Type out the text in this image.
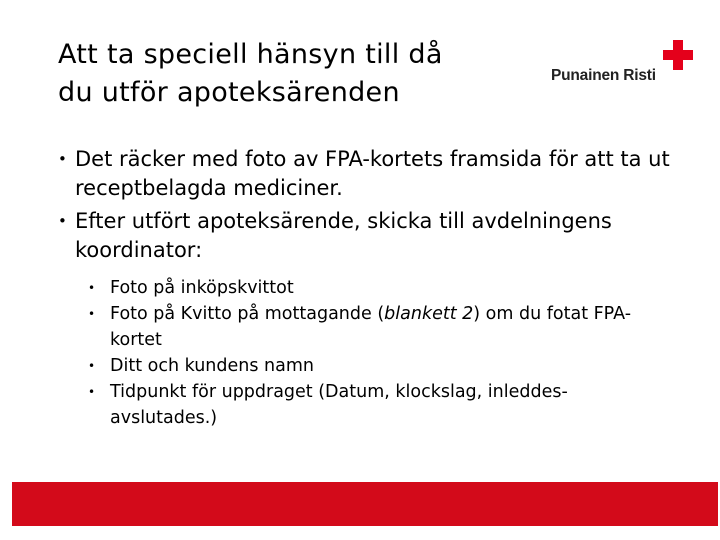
Att ta speciell hänsyn till då
du utför apoteksärenden
Punainen Risti
• Det räcker med foto av FPA-kortets framsida för att ta ut receptbelagda mediciner.
• Efter utfört apoteksärende, skicka till avdelningens koordinator:
• Foto på inköpskvittot
• Foto på Kvitto på mottagande (blankett 2) om du fotat FPA-kortet
• Ditt och kundens namn
• Tidpunkt för uppdraget (Datum, klockslag, inleddes-avslutades.)
